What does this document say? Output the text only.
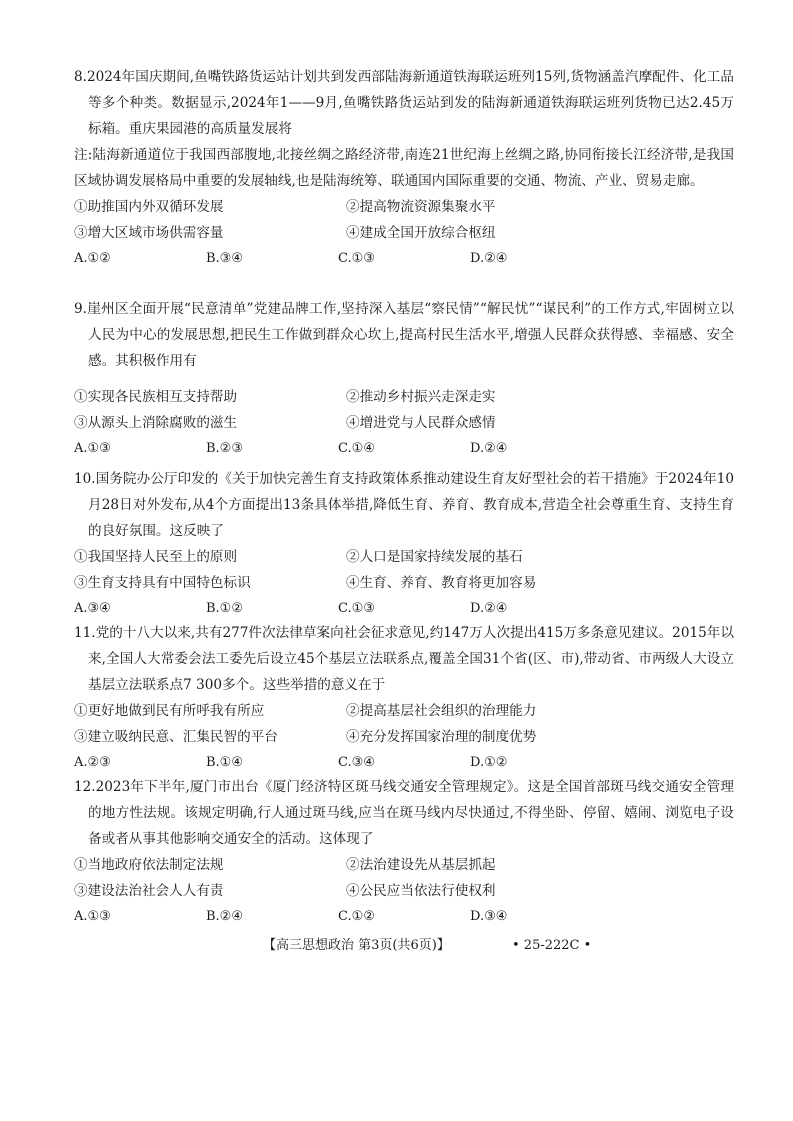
8.2024年国庆期间,鱼嘴铁路货运站计划共到发西部陆海新通道铁海联运班列15列,货物涵盖汽摩配件、化工品等多个种类。数据显示,2024年1——9月,鱼嘴铁路货运站到发的陆海新通道铁海联运班列货物已达2.45万标箱。重庆果园港的高质量发展将

注:陆海新通道位于我国西部腹地,北接丝绸之路经济带,南连21世纪海上丝绸之路,协同衔接长江经济带,是我国区域协调发展格局中重要的发展轴线,也是陆海统筹、联通国内国际重要的交通、物流、产业、贸易走廊。

①助推国内外双循环发展	②提高物流资源集聚水平
③增大区域市场供需容量	④建成全国开放综合枢纽
A.①②	B.③④	C.①③	D.②④

9.崖州区全面开展“民意清单”党建品牌工作,坚持深入基层“察民情”“解民忧”“谋民利”的工作方式,牢固树立以人民为中心的发展思想,把民生工作做到群众心坎上,提高村民生活水平,增强人民群众获得感、幸福感、安全感。其积极作用有

①实现各民族相互支持帮助	②推动乡村振兴走深走实
③从源头上消除腐败的滋生	④增进党与人民群众感情
A.①③	B.②③	C.①④	D.②④

10.国务院办公厅印发的《关于加快完善生育支持政策体系推动建设生育友好型社会的若干措施》于2024年10月28日对外发布,从4个方面提出13条具体举措,降低生育、养育、教育成本,营造全社会尊重生育、支持生育的良好氛围。这反映了

①我国坚持人民至上的原则	②人口是国家持续发展的基石
③生育支持具有中国特色标识	④生育、养育、教育将更加容易
A.③④	B.①②	C.①③	D.②④

11.党的十八大以来,共有277件次法律草案向社会征求意见,约147万人次提出415万多条意见建议。2015年以来,全国人大常委会法工委先后设立45个基层立法联系点,覆盖全国31个省(区、市),带动省、市两级人大设立基层立法联系点7 300多个。这些举措的意义在于

①更好地做到民有所呼我有所应	②提高基层社会组织的治理能力
③建立吸纳民意、汇集民智的平台	④充分发挥国家治理的制度优势
A.②③	B.①④	C.③④	D.①②

12.2023年下半年,厦门市出台《厦门经济特区斑马线交通安全管理规定》。这是全国首部斑马线交通安全管理的地方性法规。该规定明确,行人通过斑马线,应当在斑马线内尽快通过,不得坐卧、停留、嬉闹、浏览电子设备或者从事其他影响交通安全的活动。这体现了

①当地政府依法制定法规	②法治建设先从基层抓起
③建设法治社会人人有责	④公民应当依法行使权利
A.①③	B.②④	C.①②	D.③④
【高三思想政治 第3页(共6页)】	• 25-222C •
